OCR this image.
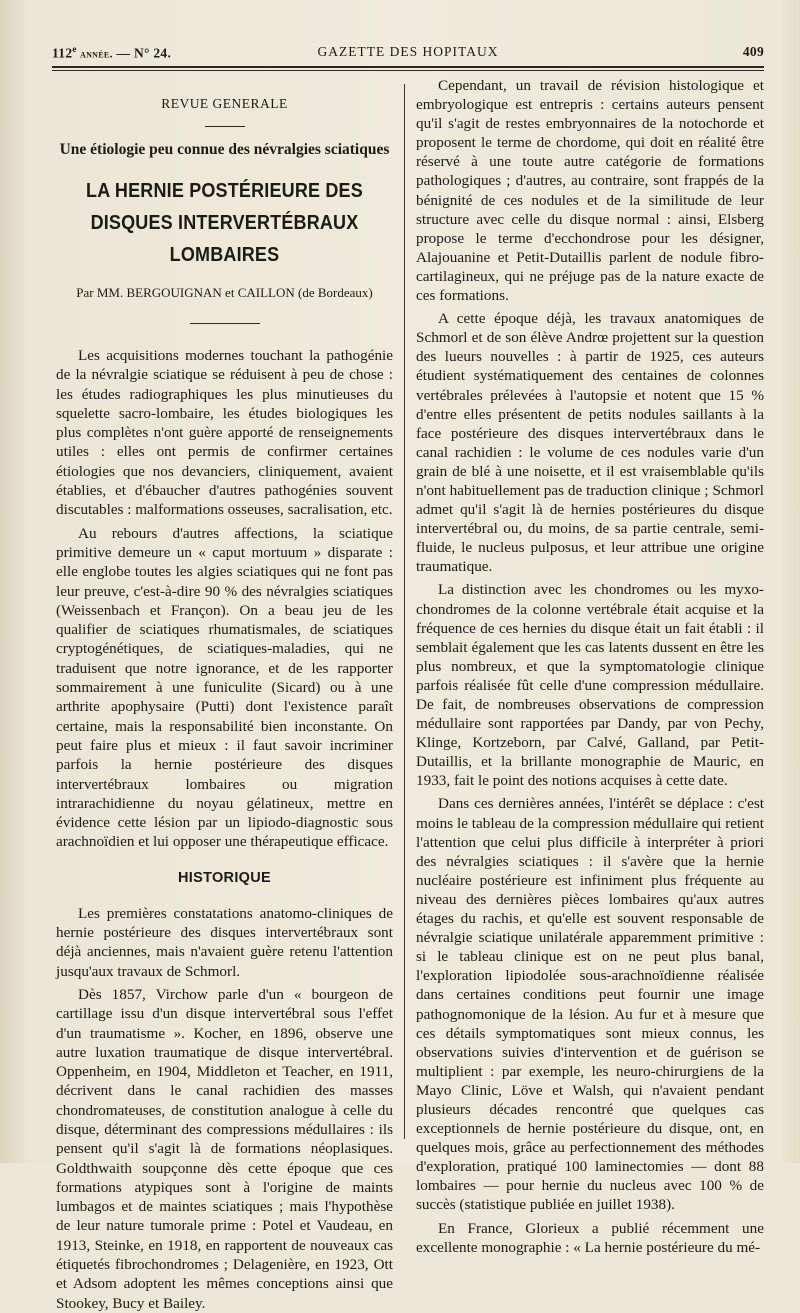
112e année. — N° 24.	GAZETTE DES HOPITAUX	409
REVUE GENERALE
Une étiologie peu connue des névralgies sciatiques
LA HERNIE POSTÉRIEURE DES
DISQUES INTERVERTÉBRAUX LOMBAIRES
Par MM. BERGOUIGNAN et CAILLON (de Bordeaux)

Les acquisitions modernes touchant la pathogénie de la névralgie sciatique se réduisent à peu de chose : les études radiographiques les plus minutieuses du squelette sacro-lombaire, les études biologiques les plus complètes n'ont guère apporté de renseignements utiles : elles ont permis de confirmer certaines étiologies que nos devanciers, cliniquement, avaient établies, et d'ébaucher d'autres pathogénies souvent discutables : malformations osseuses, sacralisation, etc.

Au rebours d'autres affections, la sciatique primitive demeure un « caput mortuum » disparate : elle englobe toutes les algies sciatiques qui ne font pas leur preuve, c'est-à-dire 90 % des névralgies sciatiques (Weissenbach et Françon). On a beau jeu de les qualifier de sciatiques rhumatismales, de sciatiques cryptogénétiques, de sciatiques-maladies, qui ne traduisent que notre ignorance, et de les rapporter sommairement à une funiculite (Sicard) ou à une arthrite apophysaire (Putti) dont l'existence paraît certaine, mais la responsabilité bien inconstante. On peut faire plus et mieux : il faut savoir incriminer parfois la hernie postérieure des disques intervertébraux lombaires ou migration intrarachidienne du noyau gélatineux, mettre en évidence cette lésion par un lipiodo-diagnostic sous arachnoïdien et lui opposer une thérapeutique efficace.

HISTORIQUE

Les premières constatations anatomo-cliniques de hernie postérieure des disques intervertébraux sont déjà anciennes, mais n'avaient guère retenu l'attention jusqu'aux travaux de Schmorl.

Dès 1857, Virchow parle d'un « bourgeon de cartillage issu d'un disque intervertébral sous l'effet d'un traumatisme ». Kocher, en 1896, observe une autre luxation traumatique de disque intervertébral. Oppenheim, en 1904, Middleton et Teacher, en 1911, décrivent dans le canal rachidien des masses chondromateuses, de constitution analogue à celle du disque, déterminant des compressions médullaires : ils pensent qu'il s'agit là de formations néoplasiques. Goldthwaith soupçonne dès cette époque que ces formations atypiques sont à l'origine de maints lumbagos et de maintes sciatiques ; mais l'hypothèse de leur nature tumorale prime : Potel et Vaudeau, en 1913, Steinke, en 1918, en rapportent de nouveaux cas étiquetés fibrochondromes ; Delagenière, en 1923, Ott et Adsom adoptent les mêmes conceptions ainsi que Stookey, Bucy et Bailey.

Cependant, un travail de révision histologique et embryologique est entrepris : certains auteurs pensent qu'il s'agit de restes embryonnaires de la notochorde et proposent le terme de chordome, qui doit en réalité être réservé à une toute autre catégorie de formations pathologiques ; d'autres, au contraire, sont frappés de la bénignité de ces nodules et de la similitude de leur structure avec celle du disque normal : ainsi, Elsberg propose le terme d'ecchondrose pour les désigner, Alajouanine et Petit-Dutaillis parlent de nodule fibro-cartilagineux, qui ne préjuge pas de la nature exacte de ces formations.

A cette époque déjà, les travaux anatomiques de Schmorl et de son élève Andrœ projettent sur la question des lueurs nouvelles : à partir de 1925, ces auteurs étudient systématiquement des centaines de colonnes vertébrales prélevées à l'autopsie et notent que 15 % d'entre elles présentent de petits nodules saillants à la face postérieure des disques intervertébraux dans le canal rachidien : le volume de ces nodules varie d'un grain de blé à une noisette, et il est vraisemblable qu'ils n'ont habituellement pas de traduction clinique ; Schmorl admet qu'il s'agit là de hernies postérieures du disque intervertébral ou, du moins, de sa partie centrale, semi-fluide, le nucleus pulposus, et leur attribue une origine traumatique.

La distinction avec les chondromes ou les myxo-chondromes de la colonne vertébrale était acquise et la fréquence de ces hernies du disque était un fait établi : il semblait également que les cas latents dussent en être les plus nombreux, et que la symptomatologie clinique parfois réalisée fût celle d'une compression médullaire. De fait, de nombreuses observations de compression médullaire sont rapportées par Dandy, par von Pechy, Klinge, Kortzeborn, par Calvé, Galland, par Petit-Dutaillis, et la brillante monographie de Mauric, en 1933, fait le point des notions acquises à cette date.

Dans ces dernières années, l'intérêt se déplace : c'est moins le tableau de la compression médullaire qui retient l'attention que celui plus difficile à interpréter à priori des névralgies sciatiques : il s'avère que la hernie nucléaire postérieure est infiniment plus fréquente au niveau des dernières pièces lombaires qu'aux autres étages du rachis, et qu'elle est souvent responsable de névralgie sciatique unilatérale apparemment primitive : si le tableau clinique est on ne peut plus banal, l'exploration lipiodolée sous-arachnoïdienne réalisée dans certaines conditions peut fournir une image pathognomonique de la lésion. Au fur et à mesure que ces détails symptomatiques sont mieux connus, les observations suivies d'intervention et de guérison se multiplient : par exemple, les neuro-chirurgiens de la Mayo Clinic, Löve et Walsh, qui n'avaient pendant plusieurs décades rencontré que quelques cas exceptionnels de hernie postérieure du disque, ont, en quelques mois, grâce au perfectionnement des méthodes d'exploration, pratiqué 100 laminectomies — dont 88 lombaires — pour hernie du nucleus avec 100 % de succès (statistique publiée en juillet 1938).

En France, Glorieux a publié récemment une excellente monographie : « La hernie postérieure du mé-
